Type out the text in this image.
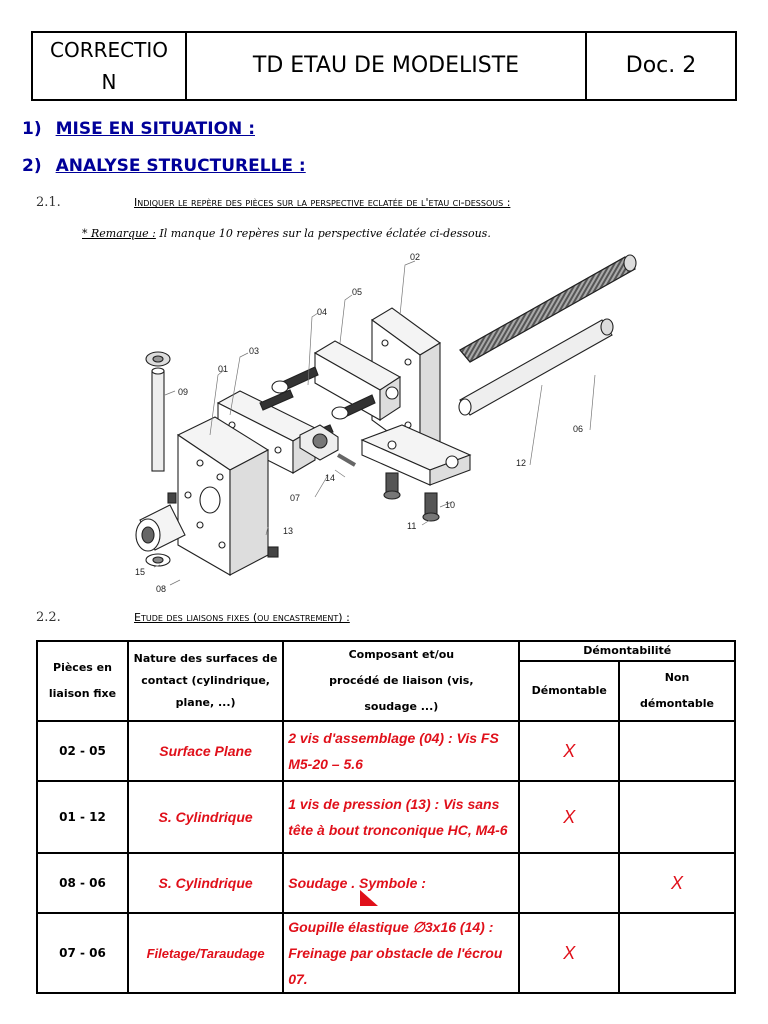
CORRECTIO
N
TD ETAU DE MODELISTE	Doc. 2
1) MISE EN SITUATION :
2) ANALYSE STRUCTURELLE :
2.1.	Indiquer le repère des pièces sur la perspective eclatée de l'etau ci-dessous :
* Remarque : Il manque 10 repères sur la perspective éclatée ci-dessous.
02
05
04
03
01
09
06
12
14
07
10
11
13
15
08
2.2.	Etude des liaisons fixes (ou encastrement) :
Pièces en liaison fixe	Nature des surfaces de contact (cylindrique, plane, ...)	Composant et/ou procédé de liaison (vis, soudage ...)	Démontabilité	
			Démontable	Non démontable
02 - 05	Surface Plane	2 vis d'assemblage (04) : Vis FS M5-20 – 5.6	X	
01 - 12	S. Cylindrique	1 vis de pression (13) : Vis sans tête à bout tronconique HC, M4-6	X	
08 - 06	S. Cylindrique	Soudage . Symbole :		X
07 - 06	Filetage/Taraudage	Goupille élastique ∅3x16 (14) : Freinage par obstacle de l'écrou 07.	X	
